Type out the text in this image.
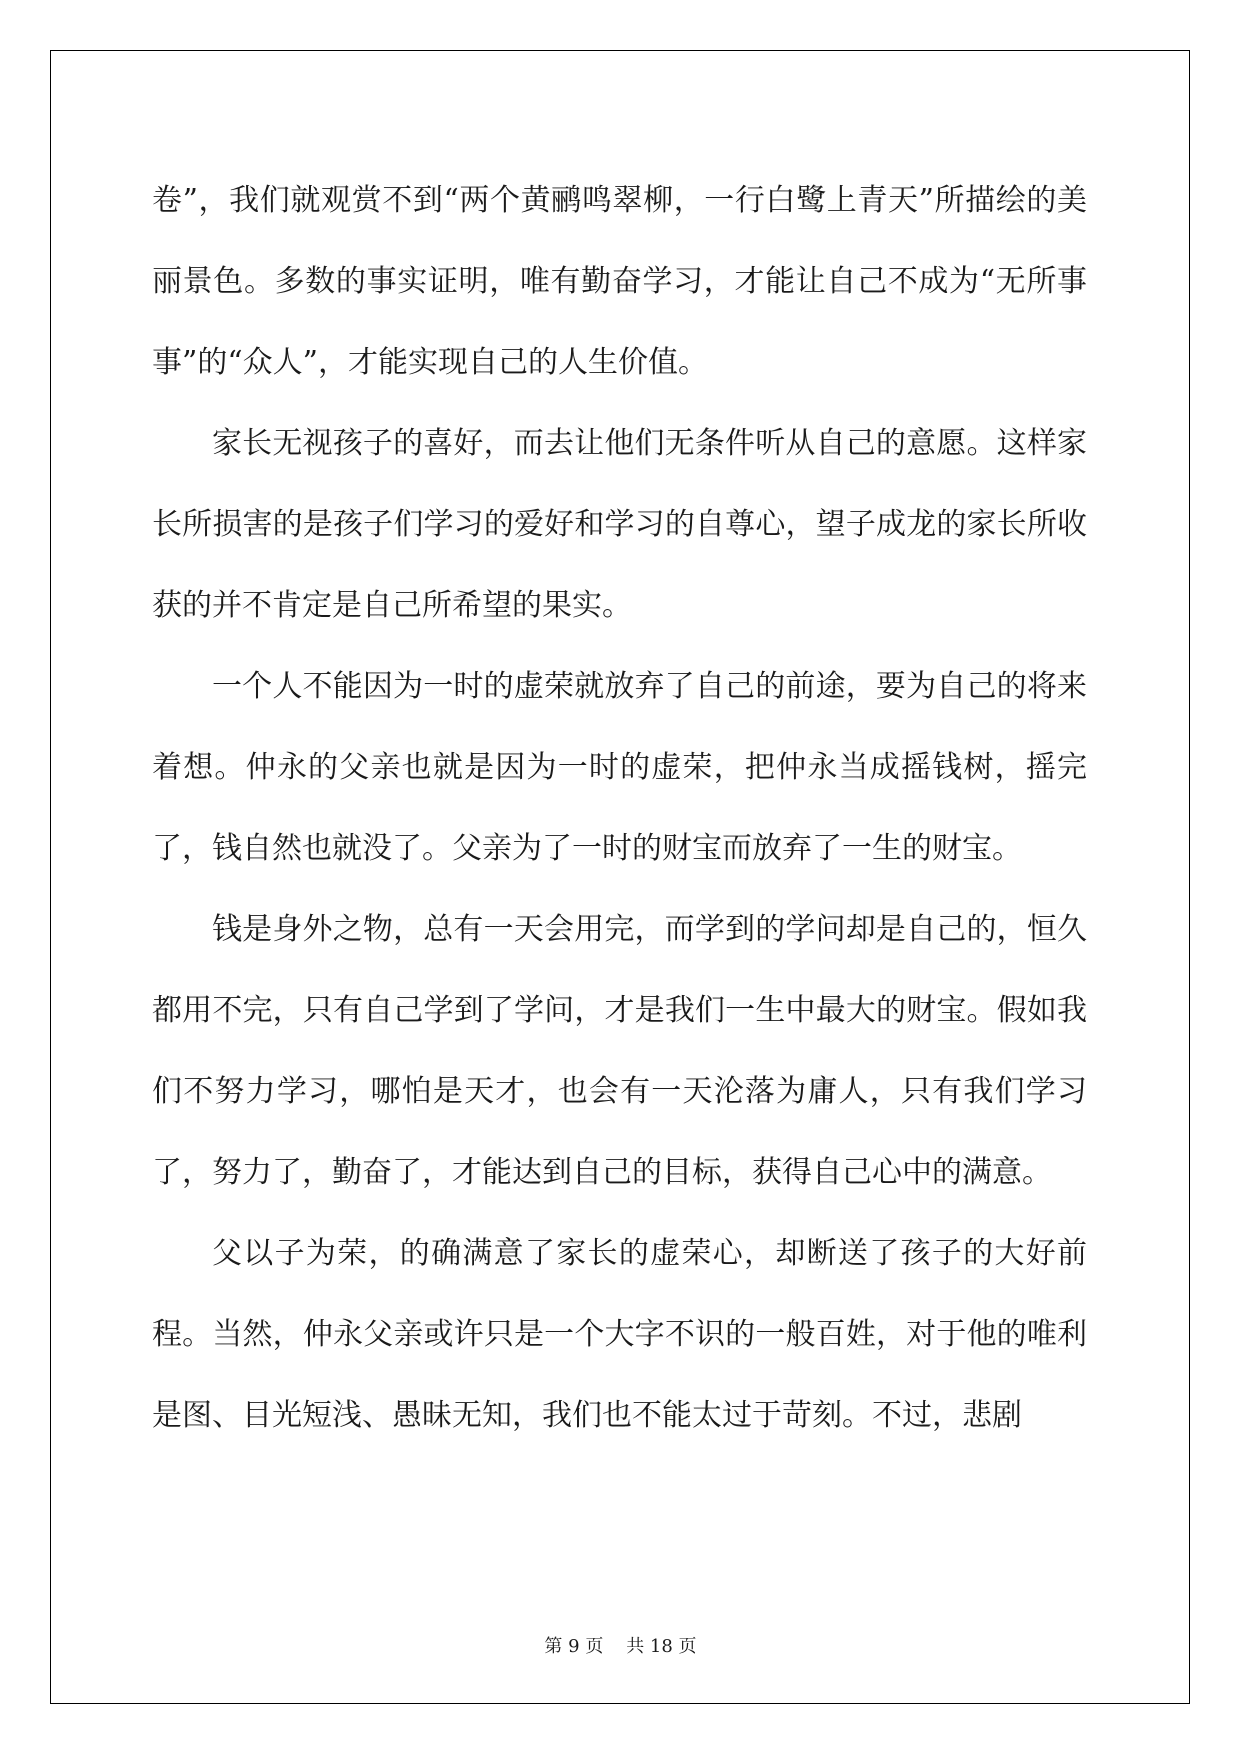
卷”，我们就观赏不到“两个黄鹂鸣翠柳，一行白鹭上青天”所描绘的美丽景色。多数的事实证明，唯有勤奋学习，才能让自己不成为“无所事事”的“众人”，才能实现自己的人生价值。

家长无视孩子的喜好，而去让他们无条件听从自己的意愿。这样家长所损害的是孩子们学习的爱好和学习的自尊心，望子成龙的家长所收获的并不肯定是自己所希望的果实。

一个人不能因为一时的虚荣就放弃了自己的前途，要为自己的将来着想。仲永的父亲也就是因为一时的虚荣，把仲永当成摇钱树，摇完了，钱自然也就没了。父亲为了一时的财宝而放弃了一生的财宝。

钱是身外之物，总有一天会用完，而学到的学问却是自己的，恒久都用不完，只有自己学到了学问，才是我们一生中最大的财宝。假如我们不努力学习，哪怕是天才，也会有一天沦落为庸人，只有我们学习了，努力了，勤奋了，才能达到自己的目标，获得自己心中的满意。

父以子为荣，的确满意了家长的虚荣心，却断送了孩子的大好前程。当然，仲永父亲或许只是一个大字不识的一般百姓，对于他的唯利是图、目光短浅、愚昧无知，我们也不能太过于苛刻。不过，悲剧

第 9 页    共 18 页
